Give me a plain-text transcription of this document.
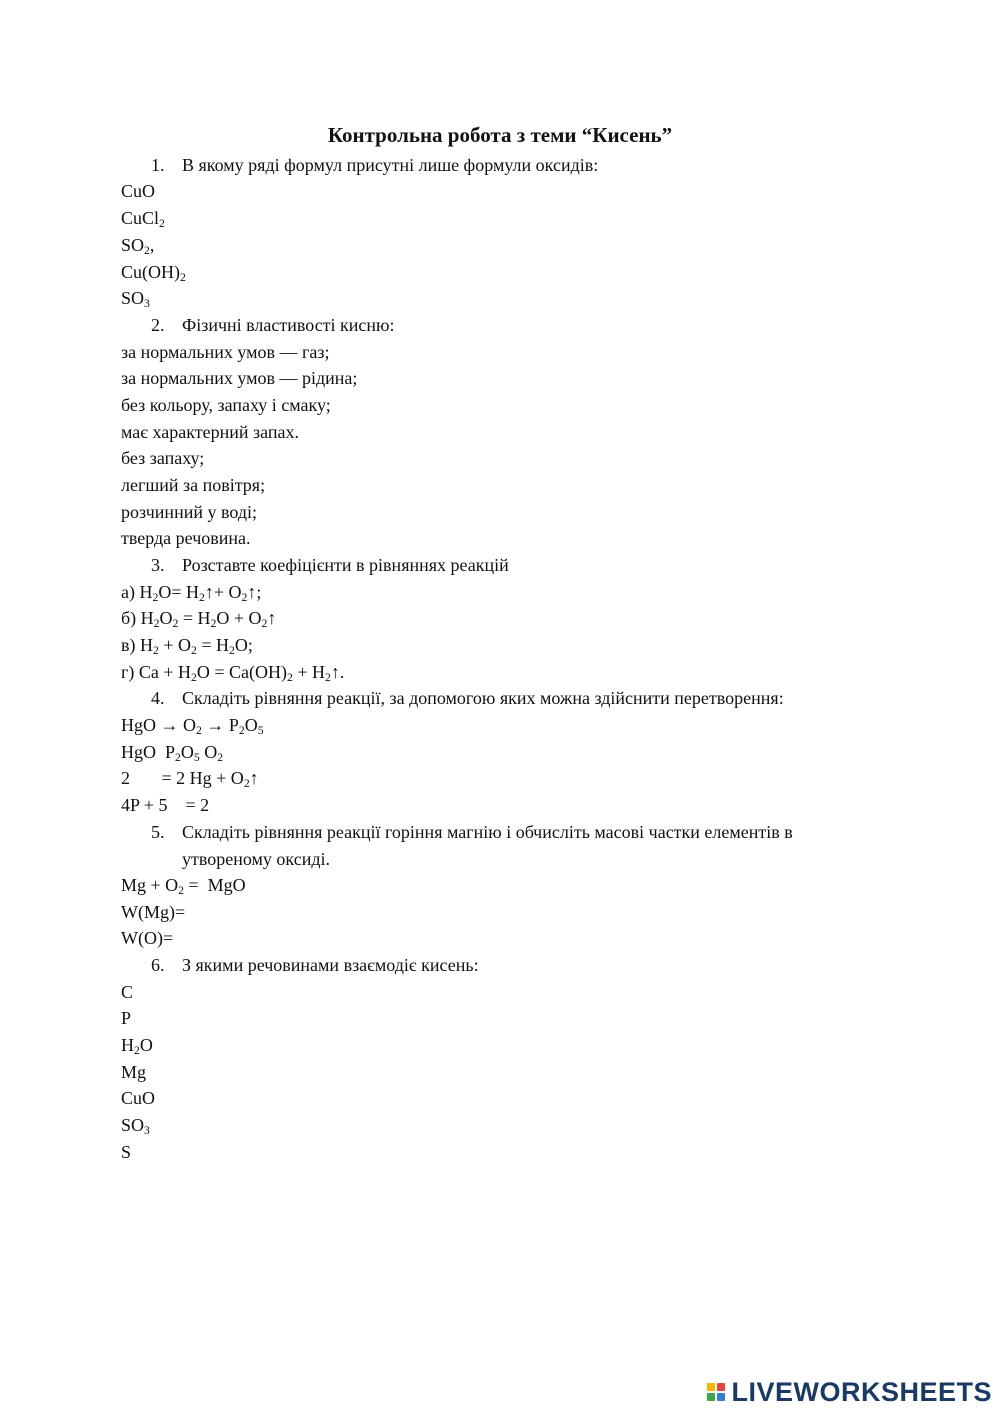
Контрольна робота з теми “Кисень”
1. В якому ряді формул присутні лише формули оксидів:
CuO
CuCl$_2$
$SO_2$,
$Cu(OH)_2$
$SO_3$
2. Фізичні властивості кисню:
за нормальних умов — газ;
за нормальних умов — рідина;
без кольору, запаху і смаку;
має характерний запах.
без запаху;
легший за повітря;
розчинний у воді;
тверда речовина.
3. Розставте коефіцієнти в рівняннях реакцій
а) $H_2O=$ $H_2↑+$ $O_2↑$;
б) $H_2O_2 = H_2O$ + $O_2↑$
в) $H_2 + O_2 = H_2O$;
г) $Ca + H_2O = Ca(OH)_2$ + $H_2↑$.
4. Складіть рівняння реакції, за допомогою яких можна здійснити перетворення:
HgO → $O_2 \to P_2O_5$
HgO  $P_2O_5$ $O_2$
2       = 2 $Hg + O_2↑$
4P + 5    = 2
5. Складіть рівняння реакції горіння магнію і обчисліть масові частки елементів в утвореному оксиді.
$Mg + O_2$ =  MgO
W(Mg)=
W(O)=
6. З якими речовинами взаємодіє кисень:
C
P
$H_2O$
Mg
CuO
$SO_3$
S
LIVEWORKSHEETS
